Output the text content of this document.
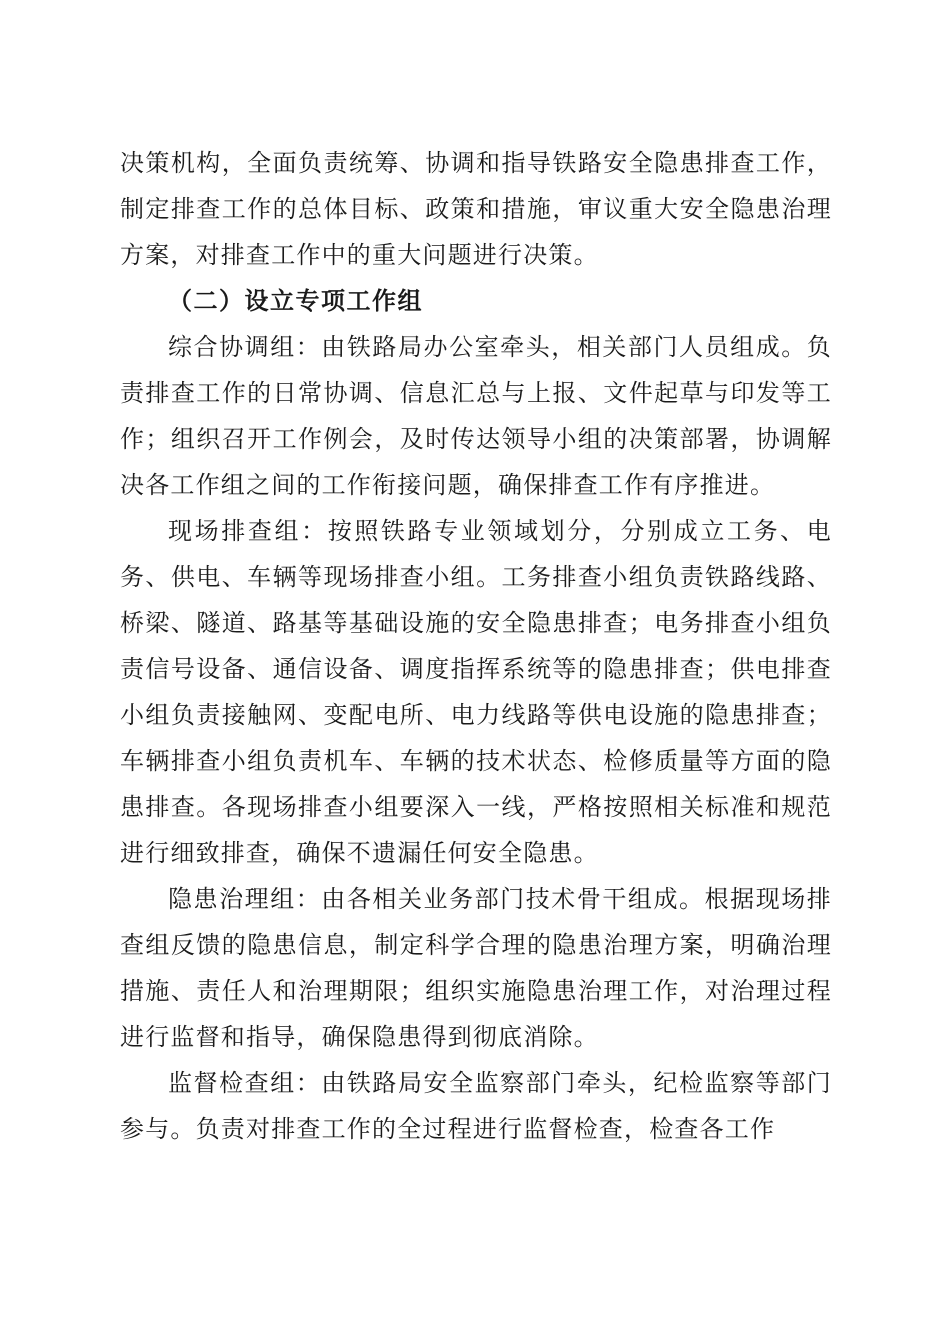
决策机构，全面负责统筹、协调和指导铁路安全隐患排查工作，制定排查工作的总体目标、政策和措施，审议重大安全隐患治理方案，对排查工作中的重大问题进行决策。

（二）设立专项工作组

综合协调组：由铁路局办公室牵头，相关部门人员组成。负责排查工作的日常协调、信息汇总与上报、文件起草与印发等工作；组织召开工作例会，及时传达领导小组的决策部署，协调解决各工作组之间的工作衔接问题，确保排查工作有序推进。

现场排查组：按照铁路专业领域划分，分别成立工务、电务、供电、车辆等现场排查小组。工务排查小组负责铁路线路、桥梁、隧道、路基等基础设施的安全隐患排查；电务排查小组负责信号设备、通信设备、调度指挥系统等的隐患排查；供电排查小组负责接触网、变配电所、电力线路等供电设施的隐患排查；车辆排查小组负责机车、车辆的技术状态、检修质量等方面的隐患排查。各现场排查小组要深入一线，严格按照相关标准和规范进行细致排查，确保不遗漏任何安全隐患。

隐患治理组：由各相关业务部门技术骨干组成。根据现场排查组反馈的隐患信息，制定科学合理的隐患治理方案，明确治理措施、责任人和治理期限；组织实施隐患治理工作，对治理过程进行监督和指导，确保隐患得到彻底消除。

监督检查组：由铁路局安全监察部门牵头，纪检监察等部门参与。负责对排查工作的全过程进行监督检查，检查各工作
